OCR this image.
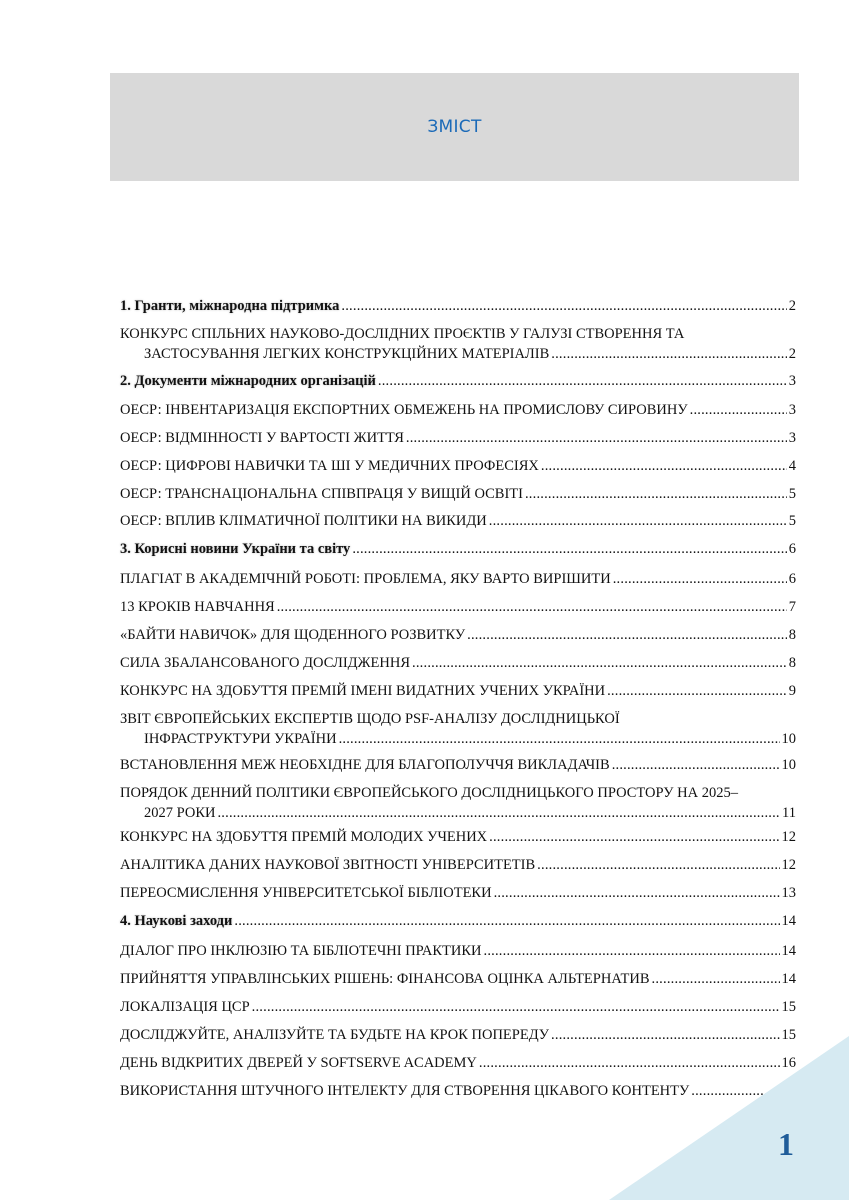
ЗМІСТ
1. Гранти, міжнародна підтримка .....	2
КОНКУРС СПІЛЬНИХ НАУКОВО-ДОСЛІДНИХ ПРОЄКТІВ У ГАЛУЗІ СТВОРЕННЯ ТА
ЗАСТОСУВАННЯ ЛЕГКИХ КОНСТРУКЦІЙНИХ МАТЕРІАЛІВ .....	2
2. Документи міжнародних організацій .....	3
ОЕСР: ІНВЕНТАРИЗАЦІЯ ЕКСПОРТНИХ ОБМЕЖЕНЬ НА ПРОМИСЛОВУ СИРОВИНУ .....	3
ОЕСР: ВІДМІННОСТІ У ВАРТОСТІ ЖИТТЯ .....	3
ОЕСР: ЦИФРОВІ НАВИЧКИ ТА ШІ У МЕДИЧНИХ ПРОФЕСІЯХ .....	4
ОЕСР: ТРАНСНАЦІОНАЛЬНА СПІВПРАЦЯ У ВИЩІЙ ОСВІТІ .....	5
ОЕСР: ВПЛИВ КЛІМАТИЧНОЇ ПОЛІТИКИ НА ВИКИДИ .....	5
3. Корисні новини України та світу .....	6
ПЛАГІАТ В АКАДЕМІЧНІЙ РОБОТІ: ПРОБЛЕМА, ЯКУ ВАРТО ВИРІШИТИ .....	6
13 КРОКІВ НАВЧАННЯ .....	7
«БАЙТИ НАВИЧОК» ДЛЯ ЩОДЕННОГО РОЗВИТКУ .....	8
СИЛА ЗБАЛАНСОВАНОГО ДОСЛІДЖЕННЯ .....	8
КОНКУРС НА ЗДОБУТТЯ ПРЕМІЙ ІМЕНІ ВИДАТНИХ УЧЕНИХ УКРАЇНИ .....	9
ЗВІТ ЄВРОПЕЙСЬКИХ ЕКСПЕРТІВ ЩОДО PSF-АНАЛІЗУ ДОСЛІДНИЦЬКОЇ
ІНФРАСТРУКТУРИ УКРАЇНИ .....	10
ВСТАНОВЛЕННЯ МЕЖ НЕОБХІДНЕ ДЛЯ БЛАГОПОЛУЧЧЯ ВИКЛАДАЧІВ .....	10
ПОРЯДОК ДЕННИЙ ПОЛІТИКИ ЄВРОПЕЙСЬКОГО ДОСЛІДНИЦЬКОГО ПРОСТОРУ НА 2025–
2027 РОКИ .....	11
КОНКУРС НА ЗДОБУТТЯ ПРЕМІЙ МОЛОДИХ УЧЕНИХ .....	12
АНАЛІТИКА ДАНИХ НАУКОВОЇ ЗВІТНОСТІ УНІВЕРСИТЕТІВ .....	12
ПЕРЕОСМИСЛЕННЯ УНІВЕРСИТЕТСЬКОЇ БІБЛІОТЕКИ .....	13
4. Наукові заходи .....	14
ДІАЛОГ ПРО ІНКЛЮЗІЮ ТА БІБЛІОТЕЧНІ ПРАКТИКИ .....	14
ПРИЙНЯТТЯ УПРАВЛІНСЬКИХ РІШЕНЬ: ФІНАНСОВА ОЦІНКА АЛЬТЕРНАТИВ .....	14
ЛОКАЛІЗАЦІЯ ЦСР .....	15
ДОСЛІДЖУЙТЕ, АНАЛІЗУЙТЕ ТА БУДЬТЕ НА КРОК ПОПЕРЕДУ .....	15
ДЕНЬ ВІДКРИТИХ ДВЕРЕЙ У SOFTSERVE ACADEMY .....	16
ВИКОРИСТАННЯ ШТУЧНОГО ІНТЕЛЕКТУ ДЛЯ СТВОРЕННЯ ЦІКАВОГО КОНТЕНТУ
.....
1
